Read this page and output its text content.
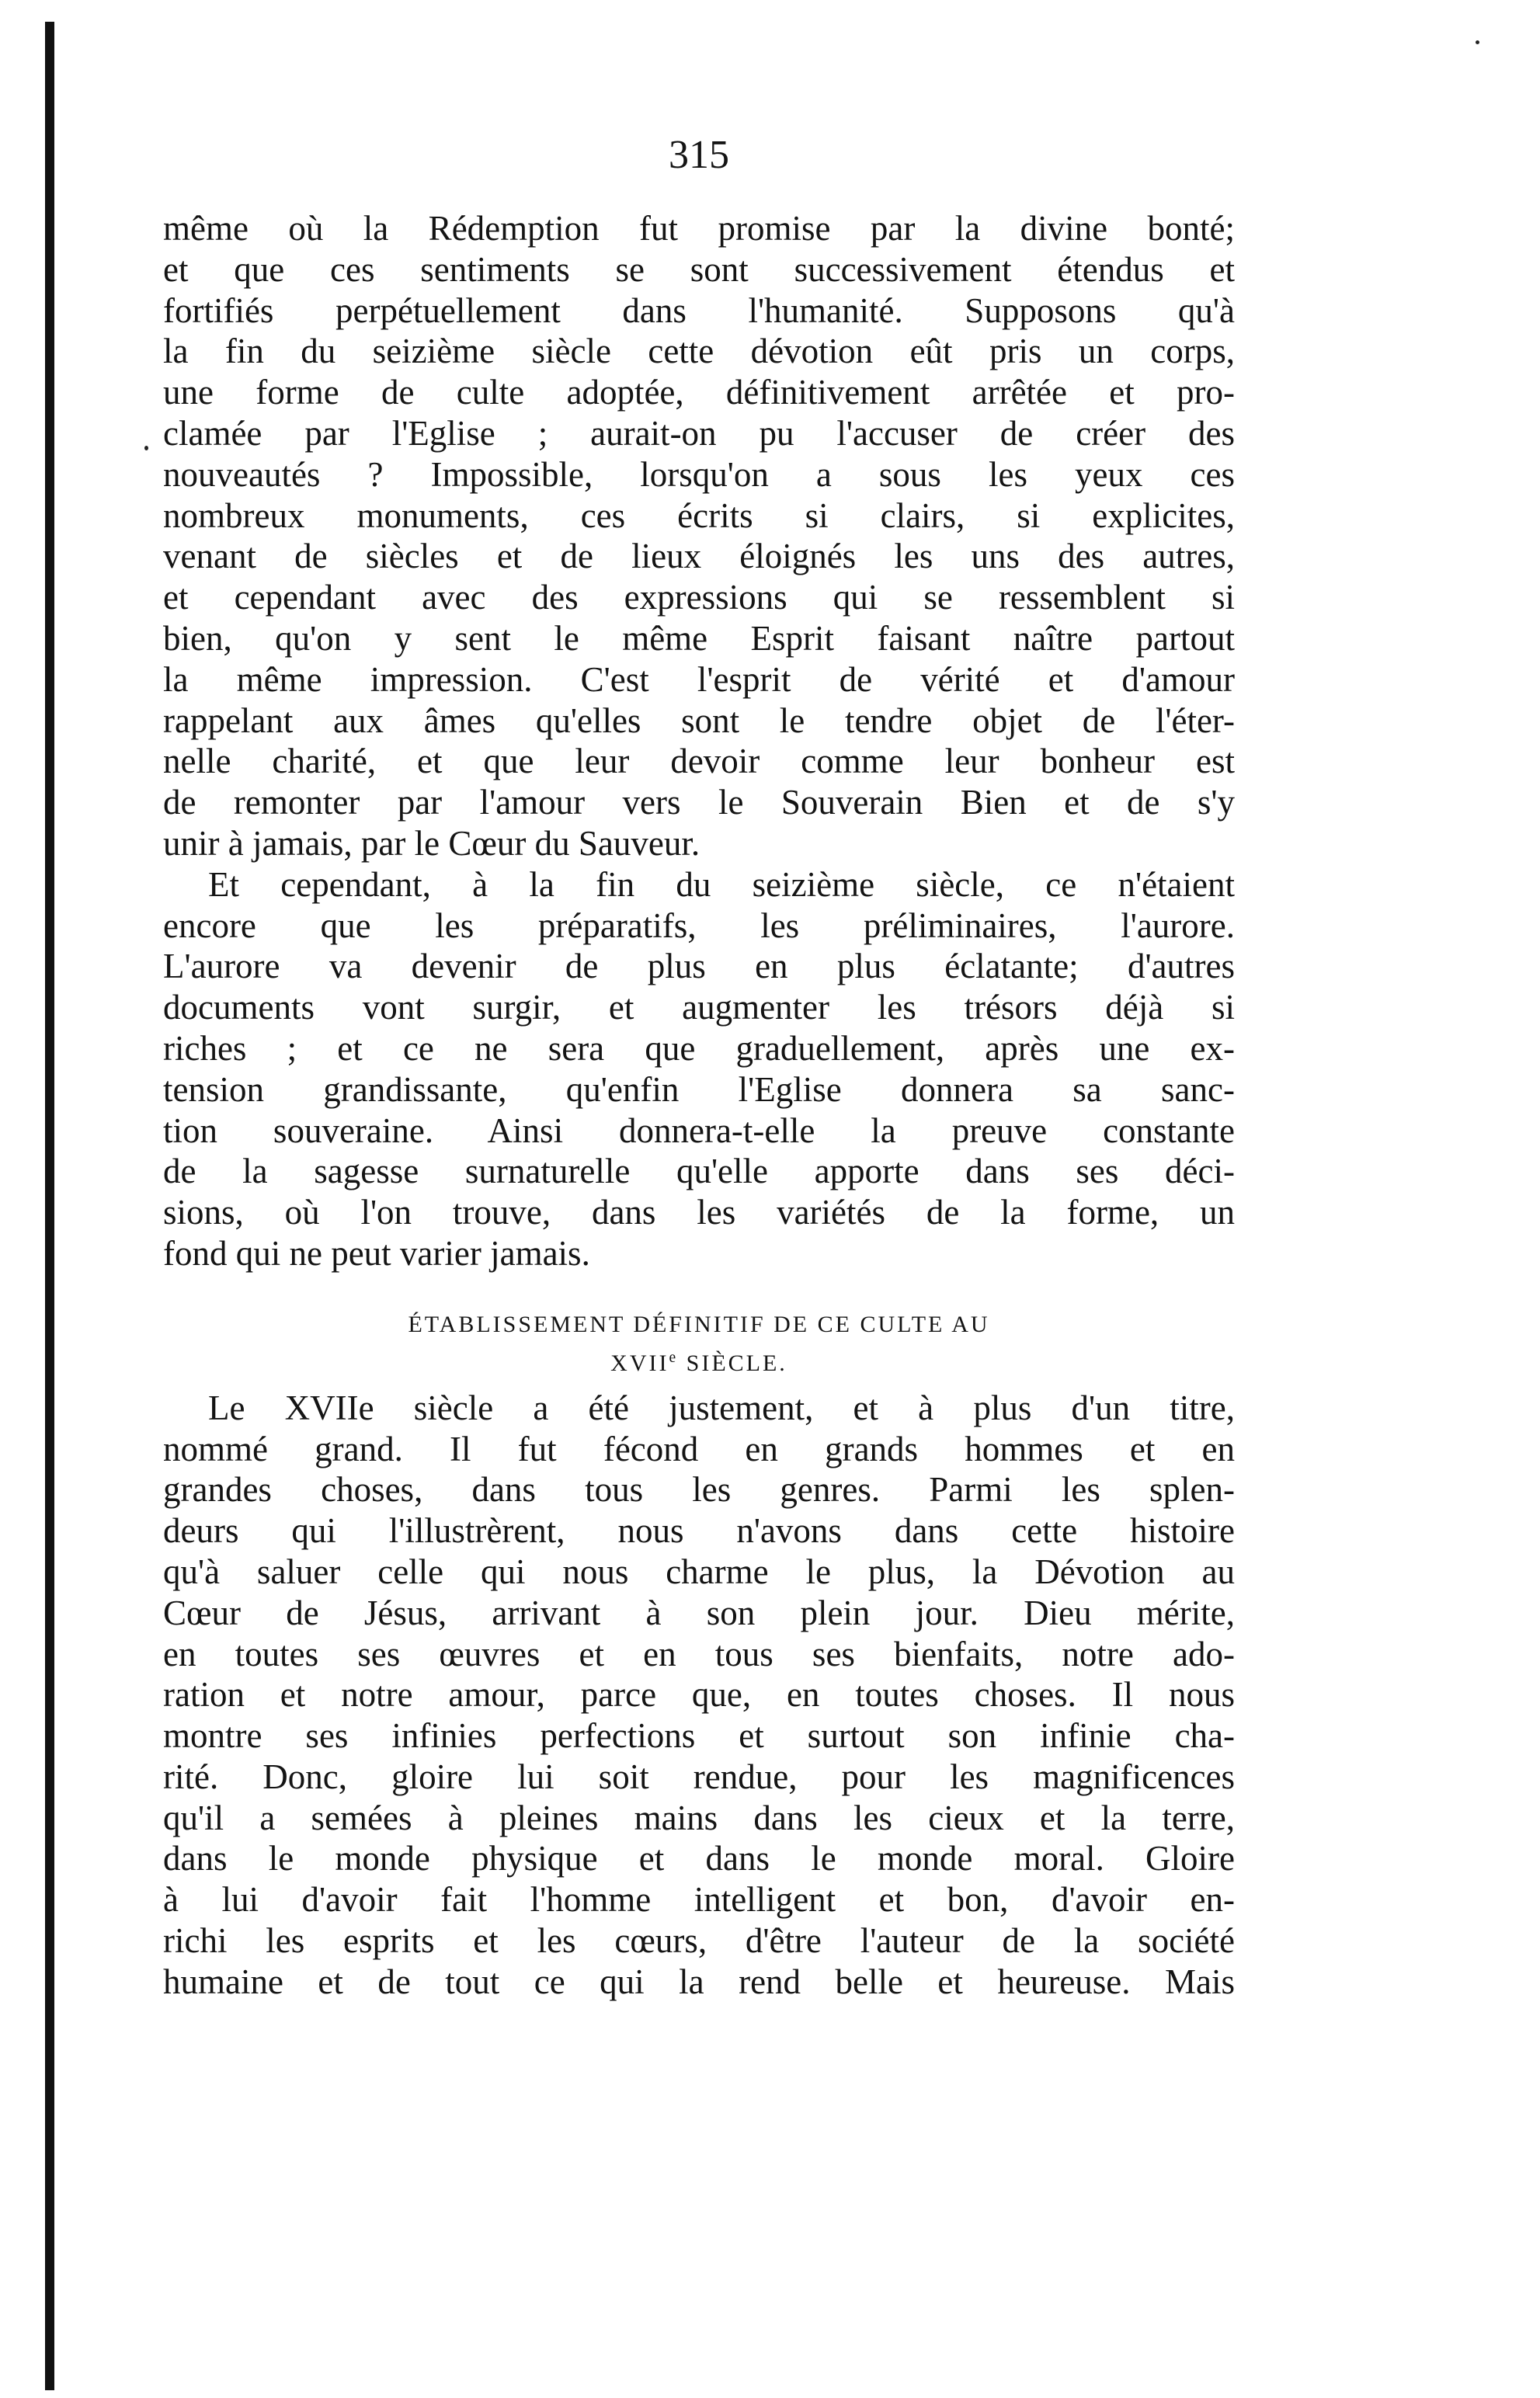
315
même où la Rédemption fut promise par la divine bonté;
et que ces sentiments se sont successivement étendus et
fortifiés perpétuellement dans l'humanité. Supposons qu'à
la fin du seizième siècle cette dévotion eût pris un corps,
une forme de culte adoptée, définitivement arrêtée et pro-
clamée par l'Eglise ; aurait-on pu l'accuser de créer des
nouveautés ? Impossible, lorsqu'on a sous les yeux ces
nombreux monuments, ces écrits si clairs, si explicites,
venant de siècles et de lieux éloignés les uns des autres,
et cependant avec des expressions qui se ressemblent si
bien, qu'on y sent le même Esprit faisant naître partout
la même impression. C'est l'esprit de vérité et d'amour
rappelant aux âmes qu'elles sont le tendre objet de l'éter-
nelle charité, et que leur devoir comme leur bonheur est
de remonter par l'amour vers le Souverain Bien et de s'y
unir à jamais, par le Cœur du Sauveur.
Et cependant, à la fin du seizième siècle, ce n'étaient
encore que les préparatifs, les préliminaires, l'aurore.
L'aurore va devenir de plus en plus éclatante; d'autres
documents vont surgir, et augmenter les trésors déjà si
riches ; et ce ne sera que graduellement, après une ex-
tension grandissante, qu'enfin l'Eglise donnera sa sanc-
tion souveraine. Ainsi donnera-t-elle la preuve constante
de la sagesse surnaturelle qu'elle apporte dans ses déci-
sions, où l'on trouve, dans les variétés de la forme, un
fond qui ne peut varier jamais.
ÉTABLISSEMENT DÉFINITIF DE CE CULTE AU
XVIIe SIÈCLE.
Le XVIIe siècle a été justement, et à plus d'un titre,
nommé grand. Il fut fécond en grands hommes et en
grandes choses, dans tous les genres. Parmi les splen-
deurs qui l'illustrèrent, nous n'avons dans cette histoire
qu'à saluer celle qui nous charme le plus, la Dévotion au
Cœur de Jésus, arrivant à son plein jour. Dieu mérite,
en toutes ses œuvres et en tous ses bienfaits, notre ado-
ration et notre amour, parce que, en toutes choses. Il nous
montre ses infinies perfections et surtout son infinie cha-
rité. Donc, gloire lui soit rendue, pour les magnificences
qu'il a semées à pleines mains dans les cieux et la terre,
dans le monde physique et dans le monde moral. Gloire
à lui d'avoir fait l'homme intelligent et bon, d'avoir en-
richi les esprits et les cœurs, d'être l'auteur de la société
humaine et de tout ce qui la rend belle et heureuse. Mais
